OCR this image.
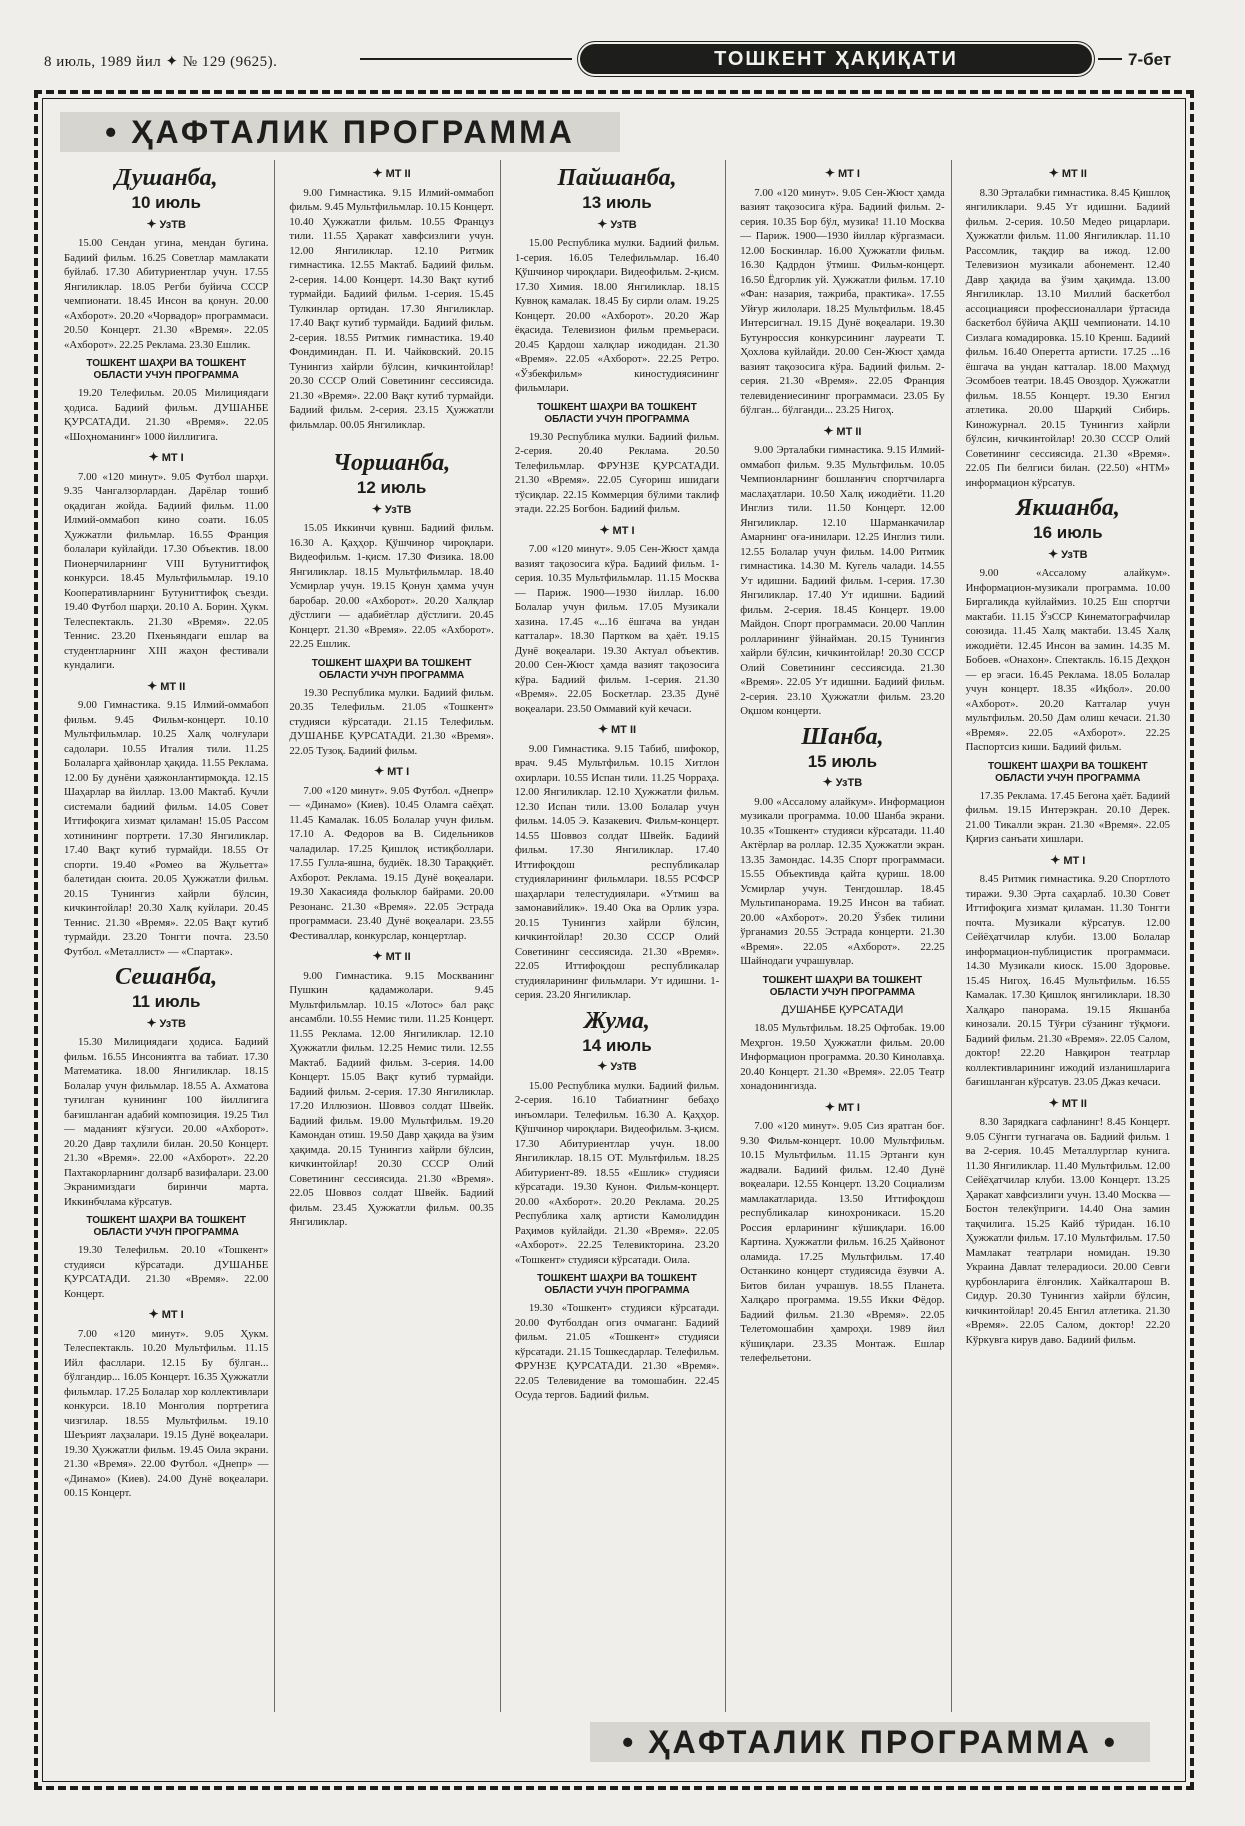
8 июль, 1989 йил ✦ № 129 (9625).	ТОШКЕНТ ҲАҚИҚАТИ	7-бет
• ҲАФТАЛИК ПРОГРАММА
Душанба,
10 июль
✦ УзТВ

15.00 Сендан угина, мендан бугина. Бадиий фильм. 16.25 Советлар мамлакати буйлаб. 17.30 Абитуриентлар учун. 17.55 Янгиликлар. 18.05 Регби буйича СССР чемпионати. 18.45 Инсон ва қонун. 20.00 «Ахборот». 20.20 «Чорвадор» программаси. 20.50 Концерт. 21.30 «Время». 22.05 «Ахборот». 22.25 Реклама. 23.30 Ешлик.

ТОШКЕНТ ШАҲРИ ВА ТОШКЕНТ ОБЛАСТИ УЧУН ПРОГРАММА

19.20 Телефильм. 20.05 Милициядаги ҳодиса. Бадиий фильм. ДУШАНБЕ ҚУРСАТАДИ. 21.30 «Время». 22.05 «Шоҳноманинг» 1000 йиллигига.

✦ МТ I

7.00 «120 минут». 9.05 Футбол шарҳи. 9.35 Чангалзорлардан. Дарёлар тошиб оқадиган жойда. Бадиий фильм. 11.00 Илмий-оммабоп кино соати. 16.05 Ҳужжатли фильмлар. 16.55 Франция болалари куйлайди. 17.30 Объектив. 18.00 Пионерчиларнинг VIII Бутуниттифоқ конкурси. 18.45 Мультфильмлар. 19.10 Кооперативларнинг Бутуниттифоқ съезди. 19.40 Футбол шарҳи. 20.10 А. Борин. Ҳукм. Телеспектакль. 21.30 «Время». 22.05 Теннис. 23.20 Пхеньяндаги ешлар ва студентларнинг XIII жаҳон фестивали кундалиги.

✦ МТ II

9.00 Гимнастика. 9.15 Илмий-оммабоп фильм. 9.45 Фильм-концерт. 10.10 Мультфильмлар. 10.25 Халқ чолғулари садолари. 10.55 Италия тили. 11.25 Болаларга ҳайвонлар ҳақида. 11.55 Реклама. 12.00 Бу дунёни ҳаяжонлантирмоқда. 12.15 Шаҳарлар ва йиллар. 13.00 Мактаб. Кучли системали бадиий фильм. 14.05 Совет Иттифоқига хизмат қиламан! 15.05 Рассом хотинининг портрети. 17.30 Янгиликлар. 17.40 Вақт кутиб турмайди. 18.55 От спорти. 19.40 «Ромео ва Жульетта» балетидан сюита. 20.05 Ҳужжатли фильм. 20.15 Тунингиз хайрли бўлсин, кичкинтойлар! 20.30 Халқ куйлари. 20.45 Теннис. 21.30 «Время». 22.05 Вақт кутиб турмайди. 23.20 Тонгги почта. 23.50 Футбол. «Металлист» — «Спартак».

Сешанба,
11 июль
✦ УзТВ

15.30 Милициядаги ҳодиса. Бадиий фильм. 16.55 Инсониятга ва табиат. 17.30 Математика. 18.00 Янгиликлар. 18.15 Болалар учун фильмлар. 18.55 А. Ахматова туғилган кунининг 100 йиллигига бағишланган адабий композиция. 19.25 Тил — маданият кўзгуси. 20.00 «Ахборот». 20.20 Давр таҳлили билан. 20.50 Концерт. 21.30 «Время». 22.00 «Ахборот». 22.20 Пахтакорларнинг долзарб вазифалари. 23.00 Экранимиздаги биринчи марта. Иккинбчлама кўрсатув.

ТОШКЕНТ ШАҲРИ ВА ТОШКЕНТ ОБЛАСТИ УЧУН ПРОГРАММА

19.30 Телефильм. 20.10 «Тошкент» студияси кўрсатади. ДУШАНБЕ ҚУРСАТАДИ. 21.30 «Время». 22.00 Концерт.

✦ МТ I

7.00 «120 минут». 9.05 Ҳукм. Телеспектакль. 10.20 Мультфильм. 11.15 Ийл фасллари. 12.15 Бу бўлган... бўлгандир... 16.05 Концерт. 16.35 Ҳужжатли фильмлар. 17.25 Болалар хор коллективлари конкурси. 18.10 Монголия портретига чизгилар. 18.55 Мультфильм. 19.10 Шеърият лаҳзалари. 19.15 Дунё воқеалари. 19.30 Ҳужжатли фильм. 19.45 Оила экрани. 21.30 «Время». 22.00 Футбол. «Днепр» — «Динамо» (Киев). 24.00 Дунё воқеалари. 00.15 Концерт.

✦ МТ II

9.00 Гимнастика. 9.15 Илмий-оммабоп фильм. 9.45 Мультфильмлар. 10.15 Концерт. 10.40 Ҳужжатли фильм. 10.55 Француз тили. 11.55 Ҳаракат хавфсизлиги учун. 12.00 Янгиликлар. 12.10 Ритмик гимнастика. 12.55 Мактаб. Бадиий фильм. 2-серия. 14.00 Концерт. 14.30 Вақт кутиб турмайди. Бадиий фильм. 1-серия. 15.45 Тулкинлар ортидан. 17.30 Янгиликлар. 17.40 Вақт кутиб турмайди. Бадиий фильм. 2-серия. 18.55 Ритмик гимнастика. 19.40 Фондиминдан. П. И. Чайковский. 20.15 Тунингиз хайрли бўлсин, кичкинтойлар! 20.30 СССР Олий Советининг сессиясида. 21.30 «Время». 22.00 Вақт кутиб турмайди. Бадиий фильм. 2-серия. 23.15 Ҳужжатли фильмлар. 00.05 Янгиликлар.

Чоршанба,
12 июль
✦ УзТВ

15.05 Иккинчи қувнш. Бадиий фильм. 16.30 А. Қаҳҳор. Қўшчинор чироқлари. Видеофильм. 1-қисм. 17.30 Физика. 18.00 Янгиликлар. 18.15 Мультфильмлар. 18.40 Усмирлар учун. 19.15 Қонун ҳамма учун баробар. 20.00 «Ахборот». 20.20 Халқлар дўстлиги — адабиётлар дўстлиги. 20.45 Концерт. 21.30 «Время». 22.05 «Ахборот». 22.25 Ешлик.

ТОШКЕНТ ШАҲРИ ВА ТОШКЕНТ ОБЛАСТИ УЧУН ПРОГРАММА

19.30 Республика мулки. Бадиий фильм. 20.35 Телефильм. 21.05 «Тошкент» студияси кўрсатади. 21.15 Телефильм. ДУШАНБЕ ҚУРСАТАДИ. 21.30 «Время». 22.05 Тузоқ. Бадиий фильм.

✦ МТ I

7.00 «120 минут». 9.05 Футбол. «Днепр» — «Динамо» (Киев). 10.45 Оламга саёҳат. 11.45 Камалак. 16.05 Болалар учун фильм. 17.10 А. Федоров ва В. Сидельников чаладилар. 17.25 Қишлоқ истиқболлари. 17.55 Гулла-яшна, будиёк. 18.30 Тараққиёт. Ахборот. Реклама. 19.15 Дунё воқеалари. 19.30 Хакасияда фольклор байрами. 20.00 Резонанс. 21.30 «Время». 22.05 Эстрада программаси. 23.40 Дунё воқеалари. 23.55 Фестиваллар, конкурслар, концертлар.

✦ МТ II

9.00 Гимнастика. 9.15 Москванинг Пушкин қадамжолари. 9.45 Мультфильмлар. 10.15 «Лотос» бал рақс ансамбли. 10.55 Немис тили. 11.25 Концерт. 11.55 Реклама. 12.00 Янгиликлар. 12.10 Ҳужжатли фильм. 12.25 Немис тили. 12.55 Мактаб. Бадиий фильм. 3-серия. 14.00 Концерт. 15.05 Вақт кутиб турмайди. Бадиий фильм. 2-серия. 17.30 Янгиликлар. 17.20 Иллюзион. Шоввоз солдат Швейк. Бадиий фильм. 19.00 Мультфильм. 19.20 Камондан отиш. 19.50 Давр ҳақида ва ўзим ҳақимда. 20.15 Тунингиз хайрли бўлсин, кичкинтойлар! 20.30 СССР Олий Советининг сессиясида. 21.30 «Время». 22.05 Шоввоз солдат Швейк. Бадиий фильм. 23.45 Ҳужжатли фильм. 00.35 Янгиликлар.

Пайшанба,
13 июль
✦ УзТВ

15.00 Республика мулки. Бадиий фильм. 1-серия. 16.05 Телефильмлар. 16.40 Қўшчинор чироқлари. Видеофильм. 2-қисм. 17.30 Химия. 18.00 Янгиликлар. 18.15 Кувноқ камалак. 18.45 Бу сирли олам. 19.25 Концерт. 20.00 «Ахборот». 20.20 Жар ёқасида. Телевизион фильм премьераси. 20.45 Қардош халқлар ижодидан. 21.30 «Время». 22.05 «Ахборот». 22.25 Ретро. «Ўзбекфильм» киностудиясининг фильмлари.

ТОШКЕНТ ШАҲРИ ВА ТОШКЕНТ ОБЛАСТИ УЧУН ПРОГРАММА

19.30 Республика мулки. Бадиий фильм. 2-серия. 20.40 Реклама. 20.50 Телефильмлар. ФРУНЗЕ ҚУРСАТАДИ. 21.30 «Время». 22.05 Суғориш ишидаги тўсиқлар. 22.15 Коммерция бўлими таклиф этади. 22.25 Богбон. Бадиий фильм.

✦ МТ I

7.00 «120 минут». 9.05 Сен-Жюст ҳамда вазият тақозосига кўра. Бадиий фильм. 1-серия. 10.35 Мультфильмлар. 11.15 Москва — Париж. 1900—1930 йиллар. 16.00 Болалар учун фильм. 17.05 Музикали хазина. 17.45 «...16 ёшгача ва ундан катталар». 18.30 Партком ва ҳаёт. 19.15 Дунё воқеалари. 19.30 Актуал объектив. 20.00 Сен-Жюст ҳамда вазият тақозосига кўра. Бадиий фильм. 1-серия. 21.30 «Время». 22.05 Боскетлар. 23.35 Дунё воқеалари. 23.50 Оммавий куй кечаси.

✦ МТ II

9.00 Гимнастика. 9.15 Табиб, шифокор, врач. 9.45 Мультфильм. 10.15 Хитлон охирлари. 10.55 Испан тили. 11.25 Чорраҳа. 12.00 Янгиликлар. 12.10 Ҳужжатли фильм. 12.30 Испан тили. 13.00 Болалар учун фильм. 14.05 Э. Казакевич. Фильм-концерт. 14.55 Шоввоз солдат Швейк. Бадиий фильм. 17.30 Янгиликлар. 17.40 Иттифоқдош республикалар студияларининг фильмлари. 18.55 РСФСР шаҳарлари телестудиялари. «Утмиш ва замонавийлик». 19.40 Ока ва Орлик узра. 20.15 Тунингиз хайрли бўлсин, кичкинтойлар! 20.30 СССР Олий Советининг сессиясида. 21.30 «Время». 22.05 Иттифоқдош республикалар студияларининг фильмлари. Ут идишни. 1-серия. 23.20 Янгиликлар.

Жума,
14 июль
✦ УзТВ

15.00 Республика мулки. Бадиий фильм. 2-серия. 16.10 Табиатнинг бебаҳо инъомлари. Телефильм. 16.30 А. Қаҳҳор. Қўшчинор чироқлари. Видеофильм. 3-қисм. 17.30 Абитуриентлар учун. 18.00 Янгиликлар. 18.15 ОТ. Мультфильм. 18.25 Абитуриент-89. 18.55 «Ешлик» студияси кўрсатади. 19.30 Кунон. Фильм-концерт. 20.00 «Ахборот». 20.20 Реклама. 20.25 Республика халқ артисти Камолиддин Раҳимов куйлайди. 21.30 «Время». 22.05 «Ахборот». 22.25 Телевикторина. 23.20 «Тошкент» студияси кўрсатади. Оила.

ТОШКЕНТ ШАҲРИ ВА ТОШКЕНТ ОБЛАСТИ УЧУН ПРОГРАММА

19.30 «Тошкент» студияси кўрсатади. 20.00 Футболдан огиз очмаганг. Бадиий фильм. 21.05 «Тошкент» студияси кўрсатади. 21.15 Тошкесдарлар. Телефильм. ФРУНЗЕ ҚУРСАТАДИ. 21.30 «Время». 22.05 Телевидение ва томошабин. 22.45 Осуда тергов. Бадиий фильм.

✦ МТ I

7.00 «120 минут». 9.05 Сен-Жюст ҳамда вазият тақозосига кўра. Бадиий фильм. 2-серия. 10.35 Бор бўл, музика! 11.10 Москва — Париж. 1900—1930 йиллар кўргазмаси. 12.00 Боскинлар. 16.00 Ҳужжатли фильм. 16.30 Қадрдон ўтмиш. Фильм-концерт. 16.50 Ёдгорлик уй. Ҳужжатли фильм. 17.10 «Фан: назария, тажриба, практика». 17.55 Уйғур жилолари. 18.25 Мультфильм. 18.45 Интерсигнал. 19.15 Дунё воқеалари. 19.30 Бутунроссия конкурсининг лауреати Т. Ҳохловa куйлайди. 20.00 Сен-Жюст ҳамда вазият тақозосига кўра. Бадиий фильм. 2-серия. 21.30 «Время». 22.05 Франция телевидениесининг программаси. 23.05 Бу бўлган... бўлганди... 23.25 Нигоҳ.

✦ МТ II

9.00 Эрталабки гимнастика. 9.15 Илмий-оммабоп фильм. 9.35 Мультфильм. 10.05 Чемпионларнинг бошланғич спортчиларга маслаҳатлари. 10.50 Халқ ижодиёти. 11.20 Инглиз тили. 11.50 Концерт. 12.00 Янгиликлар. 12.10 Шарманкачилар Амарнинг оға-инилари. 12.25 Инглиз тили. 12.55 Болалар учун фильм. 14.00 Ритмик гимнастика. 14.30 М. Кугель чалади. 14.55 Ут идишни. Бадиий фильм. 1-серия. 17.30 Янгиликлар. 17.40 Ут идишни. Бадиий фильм. 2-серия. 18.45 Концерт. 19.00 Майдон. Спорт программаси. 20.00 Чаплин ролларининг ўйнайман. 20.15 Тунингиз хайрли бўлсин, кичкинтойлар! 20.30 СССР Олий Советининг сессиясида. 21.30 «Время». 22.05 Ут идишни. Бадиий фильм. 2-серия. 23.10 Ҳужжатли фильм. 23.20 Оқшом концерти.

Шанба,
15 июль
✦ УзТВ

9.00 «Ассалому алайкум». Информацион музикали программа. 10.00 Шанба экрани. 10.35 «Тошкент» студияси кўрсатади. 11.40 Актёрлар ва роллар. 12.35 Ҳужжатли экран. 13.35 Замондас. 14.35 Спорт программаси. 15.55 Объективда қайта қуриш. 18.00 Усмирлар учун. Тенгдошлар. 18.45 Мультипанорама. 19.25 Инсон ва табиат. 20.00 «Ахборот». 20.20 Ўзбек тилини ўрганамиз 20.55 Эстрада концерти. 21.30 «Время». 22.05 «Ахборот». 22.25 Шайнодаги учрашувлар.

ТОШКЕНТ ШАҲРИ ВА ТОШКЕНТ ОБЛАСТИ УЧУН ПРОГРАММА
ДУШАНБЕ ҚУРСАТАДИ

18.05 Мультфильм. 18.25 Офтобак. 19.00 Меҳргон. 19.50 Ҳужжатли фильм. 20.00 Информацион программа. 20.30 Кинолавҳа. 20.40 Концерт. 21.30 «Время». 22.05 Театр хонадонингизда.

✦ МТ I

7.00 «120 минут». 9.05 Сиз яратган боғ. 9.30 Фильм-концерт. 10.00 Мультфильм. 10.15 Мультфильм. 11.15 Эртанги кун жадвали. Бадиий фильм. 12.40 Дунё воқеалари. 12.55 Концерт. 13.20 Социализм мамлакатларида. 13.50 Иттифоқдош республикалар кинохроникаси. 15.20 Россия ерларининг кўшиқлари. 16.00 Картина. Ҳужжатли фильм. 16.25 Ҳайвонот оламида. 17.25 Мультфильм. 17.40 Останкино концерт студиясида ёзувчи А. Битов билан учрашув. 18.55 Планета. Халқаро программа. 19.55 Икки Фёдор. Бадиий фильм. 21.30 «Время». 22.05 Телетомошабин ҳамроҳи. 1989 йил кўшиқлари. 23.35 Монтаж. Ешлар телефельетони.

✦ МТ II

8.30 Эрталабки гимнастика. 8.45 Қишлоқ янгиликлари. 9.45 Ут идишни. Бадиий фильм. 2-серия. 10.50 Медео рицарлари. Ҳужжатли фильм. 11.00 Янгиликлар. 11.10 Рассомлик, тақдир ва ижод. 12.00 Телевизион музикали абонемент. 12.40 Давр ҳақида ва ўзим ҳақимда. 13.00 Янгиликлар. 13.10 Миллий баскетбол ассоциацияси профессионаллари ўртасида баскетбол бўйича АҚШ чемпионати. 14.10 Сизлага комадировка. 15.10 Кренш. Бадиий фильм. 16.40 Оперетта артисти. 17.25 ...16 ёшгача ва ундан катталар. 18.00 Маҳмуд Эсомбоев театри. 18.45 Овоздор. Ҳужжатли фильм. 18.55 Концерт. 19.30 Енгил атлетика. 20.00 Шарқий Сибирь. Киножурнал. 20.15 Тунингиз хайрли бўлсин, кичкинтойлар! 20.30 СССР Олий Советининг сессиясида. 21.30 «Время». 22.05 Пи белгиси билан. (22.50) «НТМ» информацион кўрсатув.

Якшанба,
16 июль
✦ УзТВ

9.00 «Ассалому алайкум». Информацион-музикали программа. 10.00 Биргаликда куйлаймиз. 10.25 Еш спортчи мактаби. 11.15 ЎзССР Кинематографчилар союзида. 11.45 Халқ мактаби. 13.45 Халқ ижодиёти. 12.45 Инсон ва замин. 14.35 М. Бобоев. «Онахон». Спектакль. 16.15 Деҳқон — ер эгаси. 16.45 Реклама. 18.05 Болалар учун концерт. 18.35 «Иқбол». 20.00 «Ахборот». 20.20 Катталар учун мультфильм. 20.50 Дам олиш кечаси. 21.30 «Время». 22.05 «Ахборот». 22.25 Паспортсиз киши. Бадиий фильм.

ТОШКЕНТ ШАҲРИ ВА ТОШКЕНТ ОБЛАСТИ УЧУН ПРОГРАММА

17.35 Реклама. 17.45 Бегона ҳаёт. Бадиий фильм. 19.15 Интерэкран. 20.10 Дерек. 21.00 Тикалли экран. 21.30 «Время». 22.05 Қирғиз санъати хишлари.

✦ МТ I

8.45 Ритмик гимнастика. 9.20 Спортлото тиражи. 9.30 Эрта саҳарлаб. 10.30 Совет Иттифоқига хизмат қиламан. 11.30 Тонгги почта. Музикали кўрсатув. 12.00 Сейёҳатчилар клуби. 13.00 Болалар информацион-публицистик программаси. 14.30 Музикали киоск. 15.00 Здоровье. 15.45 Нигоҳ. 16.45 Мультфильм. 16.55 Камалак. 17.30 Қишлоқ янгиликлари. 18.30 Халқаро панорама. 19.15 Якшанба кинозали. 20.15 Тўғри сўзанинг тўқмоғи. Бадиий фильм. 21.30 «Время». 22.05 Салом, доктор! 22.20 Навқирон театрлар коллективларининг ижодий изланишларига бағишланган кўрсатув. 23.05 Джаз кечаси.

✦ МТ II

8.30 Зарядкага сафланинг! 8.45 Концерт. 9.05 Сўнгги тугнагача ов. Бадиий фильм. 1 ва 2-серия. 10.45 Металлурглар кунига. 11.30 Янгиликлар. 11.40 Мультфильм. 12.00 Сейёҳатчилар клуби. 13.00 Концерт. 13.25 Ҳаракат хавфсизлиги учун. 13.40 Москва — Бостон телекўприги. 14.40 Она замин тақчилига. 15.25 Кайб тўридан. 16.10 Ҳужжатли фильм. 17.10 Мультфильм. 17.50 Мамлакат театрлари номидан. 19.30 Украина Давлат телерадиоси. 20.00 Севги қурбонларига ёлғонлик. Хайкалтарош В. Сидур. 20.30 Тунингиз хайрли бўлсин, кичкинтойлар! 20.45 Енгил атлетика. 21.30 «Время». 22.05 Салом, доктор! 22.20 Кўркувга кирув даво. Бадиий фильм.

• ҲАФТАЛИК ПРОГРАММА •
